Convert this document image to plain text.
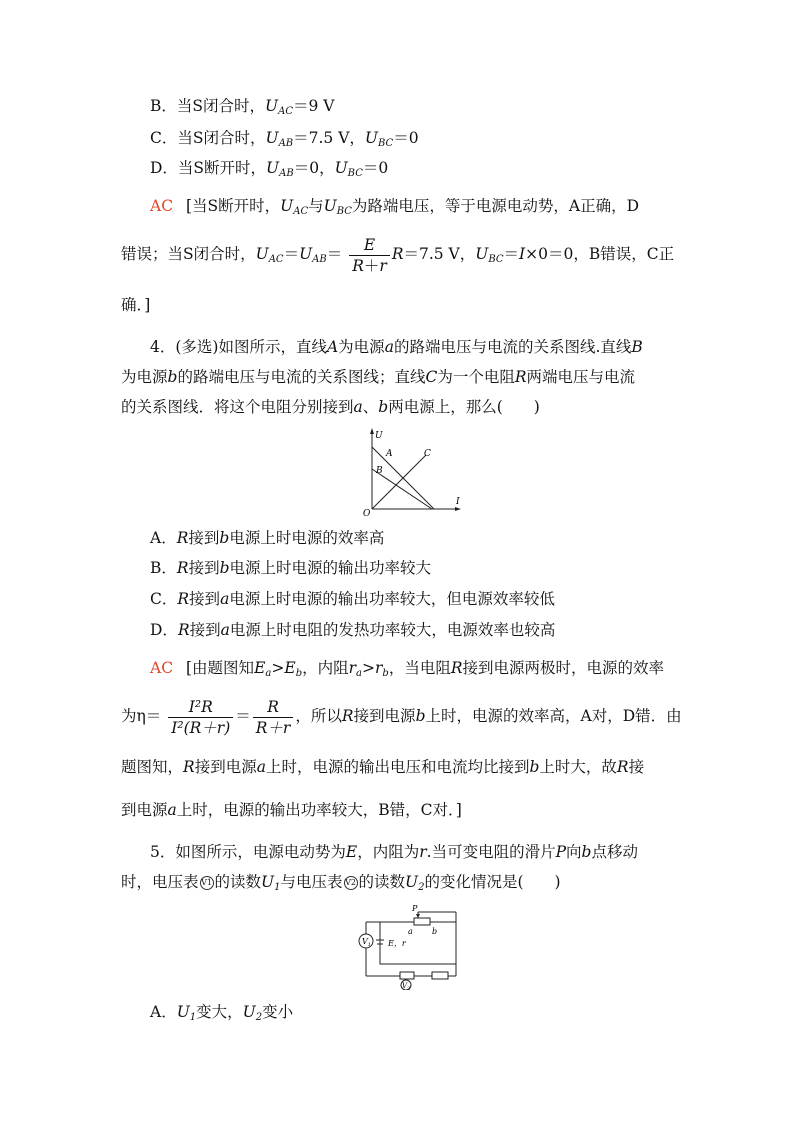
B．当S闭合时，$U_{AC}=9$ V
C．当S闭合时，$U_{AB}=7.5$ V，$U_{BC}=0$
D．当S断开时，$U_{AB}=0$，$U_{BC}=0$
AC [当S断开时，$U_{AC}$与$U_{BC}$为路端电压，等于电源电动势，A正确，D
错误；当S闭合时，$U_{AC}=U_{AB}= \frac{E}{R+r} R=7.5$ V，$U_{BC}=I\times 0=0$，B错误，C正
确．]
4．(多选)如图所示，直线A为电源a的路端电压与电流的关系图线.直线B
为电源b的路端电压与电流的关系图线；直线C为一个电阻R两端电压与电流
的关系图线．将这个电阻分别接到a、b两电源上，那么(　　)
U
I
O
A
B
C
A．R接到b电源上时电源的效率高
B．R接到b电源上时电源的输出功率较大
C．R接到a电源上时电源的输出功率较大，但电源效率较低
D．R接到a电源上时电阻的发热功率较大，电源效率也较高
AC [由题图知$E_a>E_b$，内阻$r_a>r_b$，当电阻R接到电源两极时，电源的效率
为$\eta= \frac{\text{I²R}}{\text{I²(R＋r)}} = \frac{R}{R+r}$ ，所以R接到电源b上时，电源的效率高，A对，D错．由
题图知，R接到电源a上时，电源的输出电压和电流均比接到b上时大，故R接
到电源a上时，电源的输出功率较大，B错，C对．]
5．如图所示，电源电动势为E，内阻为r.当可变电阻的滑片P向b点移动
时，电压表 V1 的读数$U_1$与电压表 V2 的读数$U_2$的变化情况是(　　)
P
a b
E，r
$V_1$
$V_2$
A．$U_1$变大，$U_2$变小
